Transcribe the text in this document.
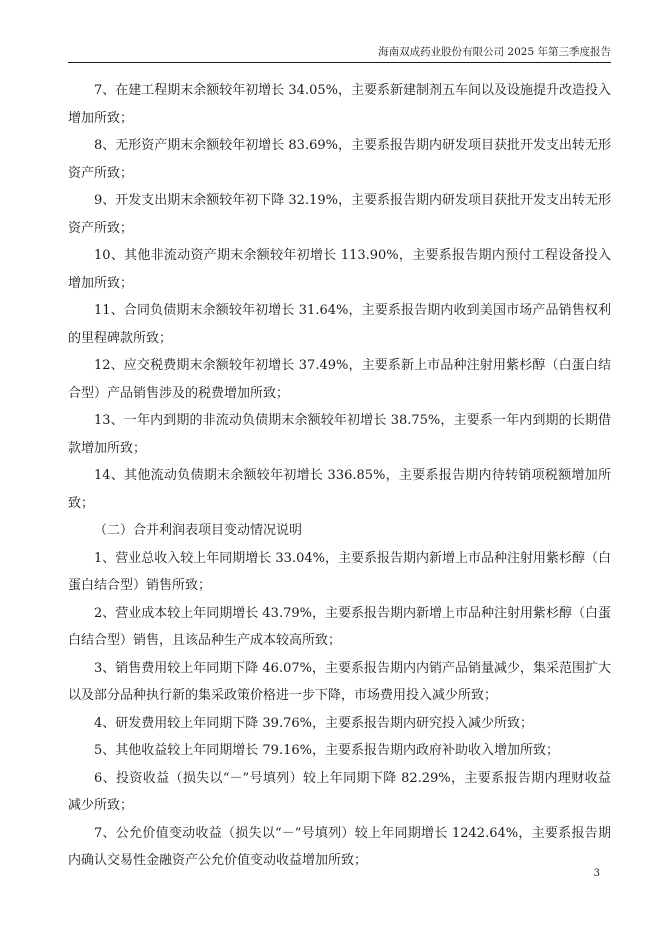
海南双成药业股份有限公司 2025 年第三季度报告

7、在建工程期末余额较年初增长 34.05%，主要系新建制剂五车间以及设施提升改造投入增加所致；

8、无形资产期末余额较年初增长 83.69%，主要系报告期内研发项目获批开发支出转无形资产所致；

9、开发支出期末余额较年初下降 32.19%，主要系报告期内研发项目获批开发支出转无形资产所致；

10、其他非流动资产期末余额较年初增长 113.90%，主要系报告期内预付工程设备投入增加所致；

11、合同负债期末余额较年初增长 31.64%，主要系报告期内收到美国市场产品销售权利的里程碑款所致；

12、应交税费期末余额较年初增长 37.49%，主要系新上市品种注射用紫杉醇（白蛋白结合型）产品销售涉及的税费增加所致；

13、一年内到期的非流动负债期末余额较年初增长 38.75%，主要系一年内到期的长期借款增加所致；

14、其他流动负债期末余额较年初增长 336.85%，主要系报告期内待转销项税额增加所致；

（二）合并利润表项目变动情况说明

1、营业总收入较上年同期增长 33.04%，主要系报告期内新增上市品种注射用紫杉醇（白蛋白结合型）销售所致；

2、营业成本较上年同期增长 43.79%，主要系报告期内新增上市品种注射用紫杉醇（白蛋白结合型）销售，且该品种生产成本较高所致；

3、销售费用较上年同期下降 46.07%，主要系报告期内内销产品销量减少，集采范围扩大以及部分品种执行新的集采政策价格进一步下降，市场费用投入减少所致；

4、研发费用较上年同期下降 39.76%，主要系报告期内研究投入减少所致；

5、其他收益较上年同期增长 79.16%，主要系报告期内政府补助收入增加所致；

6、投资收益（损失以“－”号填列）较上年同期下降 82.29%，主要系报告期内理财收益减少所致；

7、公允价值变动收益（损失以“－”号填列）较上年同期增长 1242.64%，主要系报告期内确认交易性金融资产公允价值变动收益增加所致；

3
